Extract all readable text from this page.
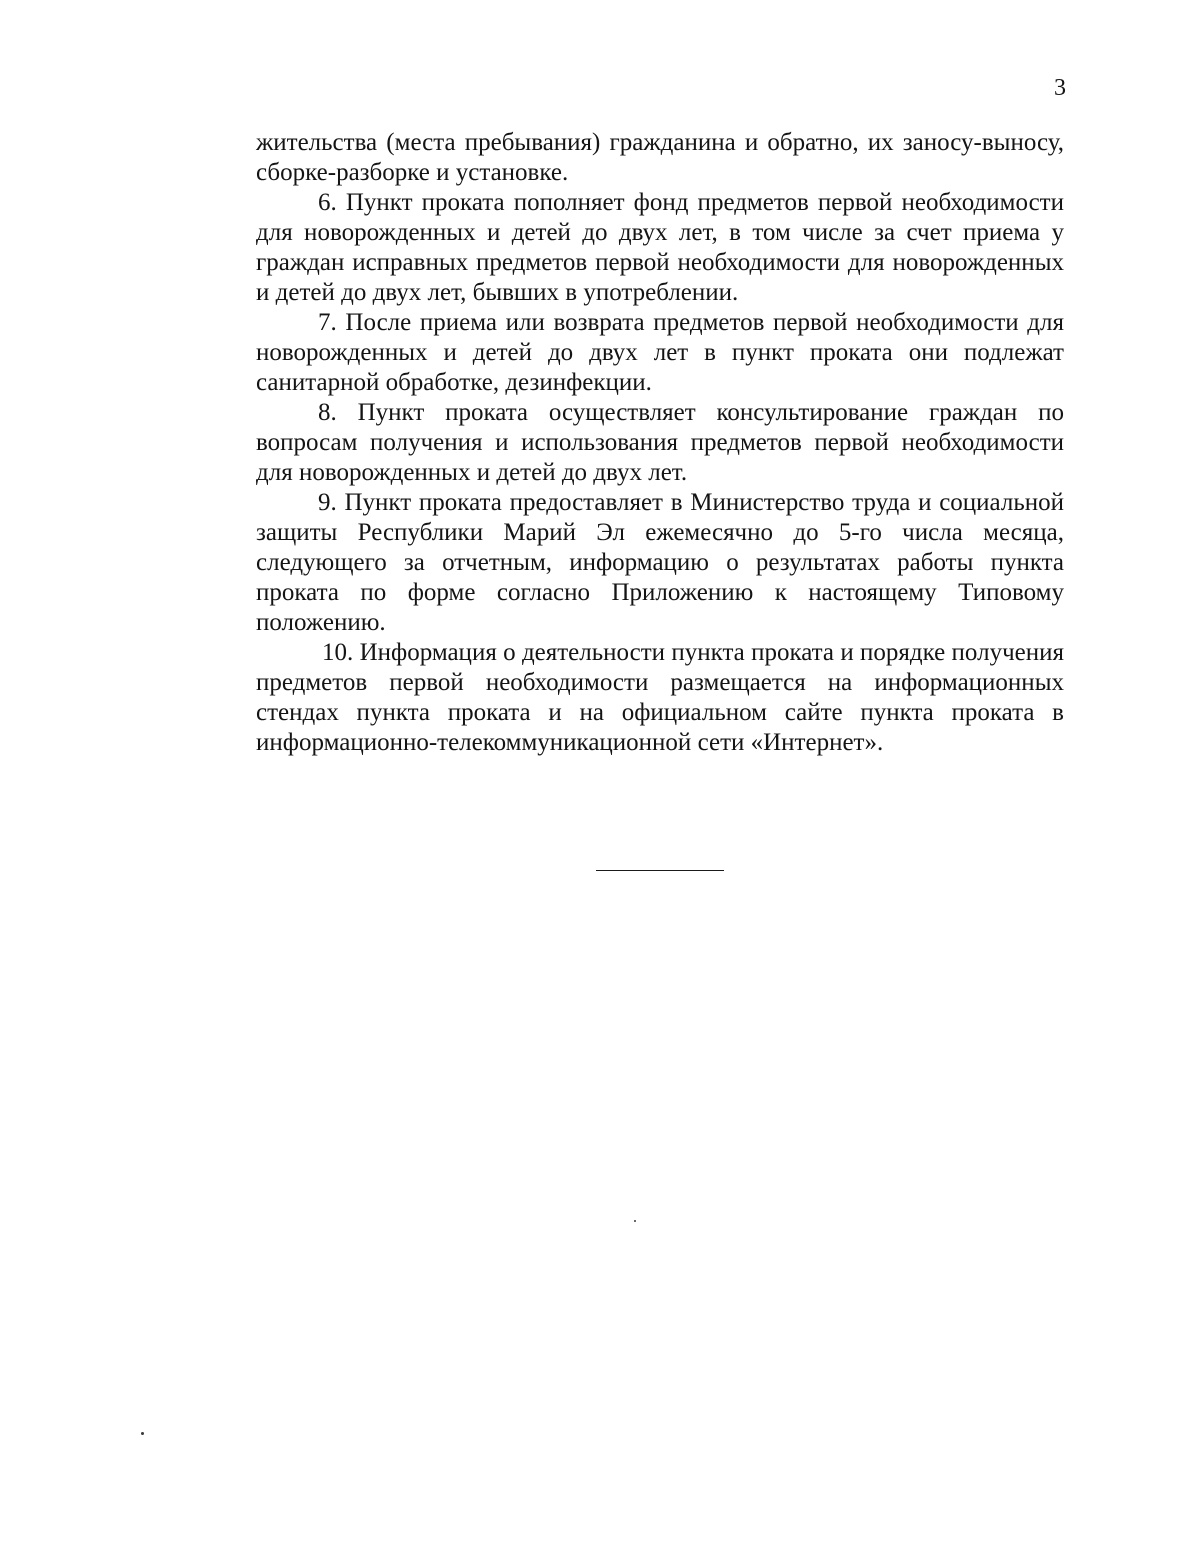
3

жительства (места пребывания) гражданина и обратно, их заносу-выносу, сборке-разборке и установке.

6. Пункт проката пополняет фонд предметов первой необходимости для новорожденных и детей до двух лет, в том числе за счет приема у граждан исправных предметов первой необходимости для новорожденных и детей до двух лет, бывших в употреблении.

7. После приема или возврата предметов первой необходимости для новорожденных и детей до двух лет в пункт проката они подлежат санитарной обработке, дезинфекции.

8. Пункт проката осуществляет консультирование граждан по вопросам получения и использования предметов первой необходимости для новорожденных и детей до двух лет.

9. Пункт проката предоставляет в Министерство труда и социальной защиты Республики Марий Эл ежемесячно до 5-го числа месяца, следующего за отчетным, информацию о результатах работы пункта проката по форме согласно Приложению к настоящему Типовому положению.

10. Информация о деятельности пункта проката и порядке получения предметов первой необходимости размещается на информационных стендах пункта проката и на официальном сайте пункта проката в информационно-телекоммуникационной сети «Интернет».
